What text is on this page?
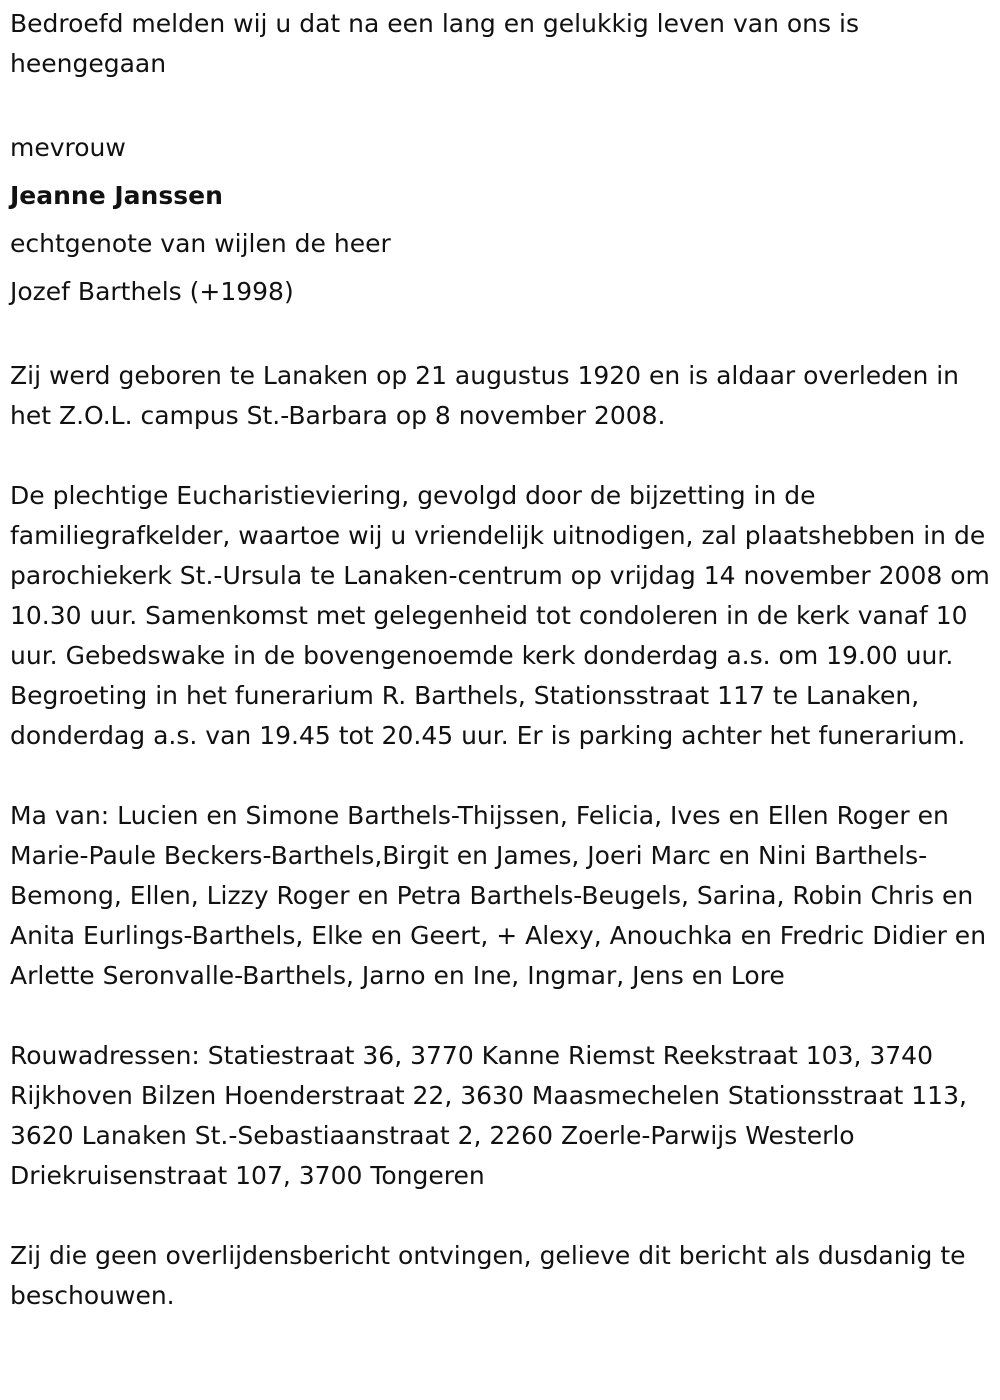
Bedroefd melden wij u dat na een lang en gelukkig leven van ons is heengegaan

mevrouw

Jeanne Janssen

echtgenote van wijlen de heer

Jozef Barthels (+1998)

Zij werd geboren te Lanaken op 21 augustus 1920 en is aldaar overleden in het Z.O.L. campus St.-Barbara op 8 november 2008.

De plechtige Eucharistieviering, gevolgd door de bijzetting in de familiegrafkelder, waartoe wij u vriendelijk uitnodigen, zal plaatshebben in de parochiekerk St.-Ursula te Lanaken-centrum op vrijdag 14 november 2008 om 10.30 uur. Samenkomst met gelegenheid tot condoleren in de kerk vanaf 10 uur. Gebedswake in de bovengenoemde kerk donderdag a.s. om 19.00 uur. Begroeting in het funerarium R. Barthels, Stationsstraat 117 te Lanaken, donderdag a.s. van 19.45 tot 20.45 uur. Er is parking achter het funerarium.

Ma van: Lucien en Simone Barthels-Thijssen, Felicia, Ives en Ellen Roger en Marie-Paule Beckers-Barthels,Birgit en James, Joeri Marc en Nini Barthels-Bemong, Ellen, Lizzy Roger en Petra Barthels-Beugels, Sarina, Robin Chris en Anita Eurlings-Barthels, Elke en Geert, + Alexy, Anouchka en Fredric Didier en Arlette Seronvalle-Barthels, Jarno en Ine, Ingmar, Jens en Lore

Rouwadressen: Statiestraat 36, 3770 Kanne Riemst Reekstraat 103, 3740 Rijkhoven Bilzen Hoenderstraat 22, 3630 Maasmechelen Stationsstraat 113, 3620 Lanaken St.-Sebastiaanstraat 2, 2260 Zoerle-Parwijs Westerlo Driekruisenstraat 107, 3700 Tongeren

Zij die geen overlijdensbericht ontvingen, gelieve dit bericht als dusdanig te beschouwen.
